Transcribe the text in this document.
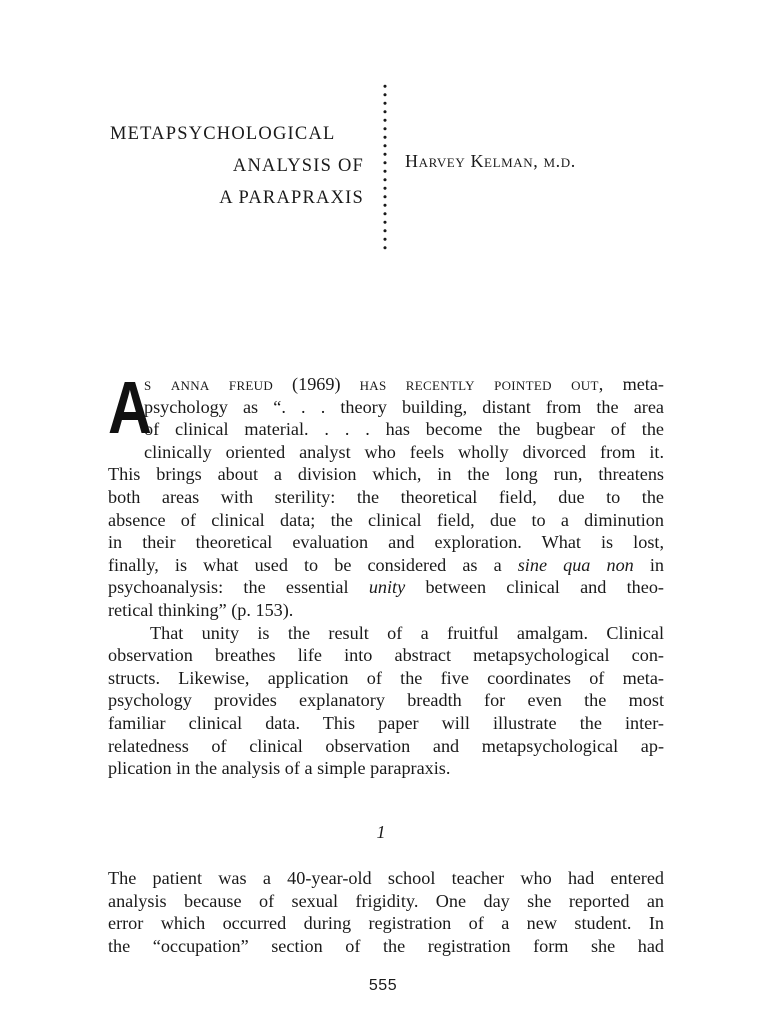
METAPSYCHOLOGICAL
ANALYSIS OF
A PARAPRAXIS
Harvey Kelman, m.d.
A
s anna freud (1969) has recently pointed out, meta-
psychology as “. . . theory building, distant from the area
of clinical material. . . . has become the bugbear of the
clinically oriented analyst who feels wholly divorced from it.
This brings about a division which, in the long run, threatens
both areas with sterility: the theoretical field, due to the
absence of clinical data; the clinical field, due to a diminution
in their theoretical evaluation and exploration. What is lost,
finally, is what used to be considered as a sine qua non in
psychoanalysis: the essential unity between clinical and theo-
retical thinking” (p. 153).
That unity is the result of a fruitful amalgam. Clinical
observation breathes life into abstract metapsychological con-
structs. Likewise, application of the five coordinates of meta-
psychology provides explanatory breadth for even the most
familiar clinical data. This paper will illustrate the inter-
relatedness of clinical observation and metapsychological ap-
plication in the analysis of a simple parapraxis.
1
The patient was a 40-year-old school teacher who had entered
analysis because of sexual frigidity. One day she reported an
error which occurred during registration of a new student. In
the “occupation” section of the registration form she had
555
